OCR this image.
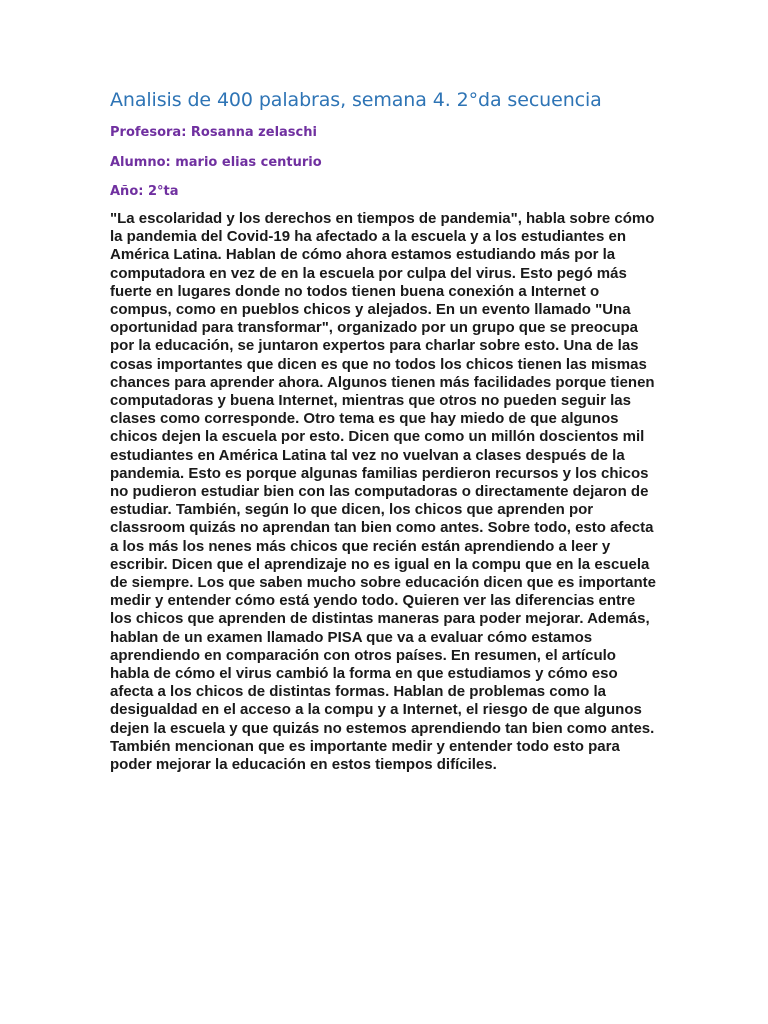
Analisis de 400 palabras, semana 4. 2°da secuencia

Profesora: Rosanna zelaschi

Alumno: mario elias centurio

Año: 2°ta

"La escolaridad y los derechos en tiempos de pandemia", habla sobre cómo la pandemia del Covid-19 ha afectado a la escuela y a los estudiantes en América Latina. Hablan de cómo ahora estamos estudiando más por la computadora en vez de en la escuela por culpa del virus. Esto pegó más fuerte en lugares donde no todos tienen buena conexión a Internet o compus, como en pueblos chicos y alejados. En un evento llamado "Una oportunidad para transformar", organizado por un grupo que se preocupa por la educación, se juntaron expertos para charlar sobre esto. Una de las cosas importantes que dicen es que no todos los chicos tienen las mismas chances para aprender ahora. Algunos tienen más facilidades porque tienen computadoras y buena Internet, mientras que otros no pueden seguir las clases como corresponde. Otro tema es que hay miedo de que algunos chicos dejen la escuela por esto. Dicen que como un millón doscientos mil estudiantes en América Latina tal vez no vuelvan a clases después de la pandemia. Esto es porque algunas familias perdieron recursos y los chicos no pudieron estudiar bien con las computadoras o directamente dejaron de estudiar. También, según lo que dicen, los chicos que aprenden por classroom quizás no aprendan tan bien como antes. Sobre todo, esto afecta a los más los nenes más chicos que recién están aprendiendo a leer y escribir. Dicen que el aprendizaje no es igual en la compu que en la escuela de siempre. Los que saben mucho sobre educación dicen que es importante medir y entender cómo está yendo todo. Quieren ver las diferencias entre los chicos que aprenden de distintas maneras para poder mejorar. Además, hablan de un examen llamado PISA que va a evaluar cómo estamos aprendiendo en comparación con otros países. En resumen, el artículo habla de cómo el virus cambió la forma en que estudiamos y cómo eso afecta a los chicos de distintas formas. Hablan de problemas como la desigualdad en el acceso a la compu y a Internet, el riesgo de que algunos dejen la escuela y que quizás no estemos aprendiendo tan bien como antes. También mencionan que es importante medir y entender todo esto para poder mejorar la educación en estos tiempos difíciles.
